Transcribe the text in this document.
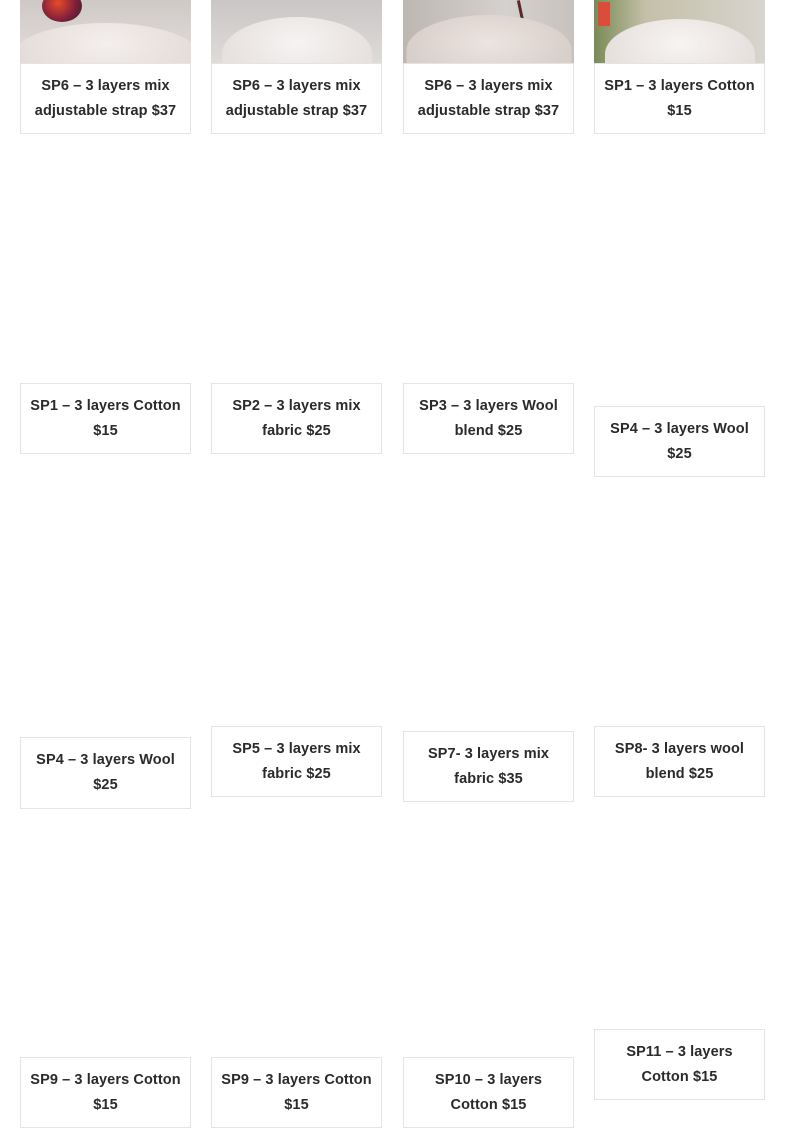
SP6 – 3 layers mix adjustable strap $37
SP6 – 3 layers mix adjustable strap $37
SP6 – 3 layers mix adjustable strap $37
SP1 – 3 layers Cotton $15
SP1 – 3 layers Cotton $15
SP2 – 3 layers mix fabric $25
SP3 – 3 layers Wool blend $25	SP4 – 3 layers Wool $25
SP4 – 3 layers Wool $25
SP5 – 3 layers mix fabric $25
SP7- 3 layers mix fabric $35
SP8- 3 layers wool blend $25
SP9 – 3 layers Cotton $15
SP9 – 3 layers Cotton $15
SP10 – 3 layers Cotton $15
SP11 – 3 layers Cotton $15
